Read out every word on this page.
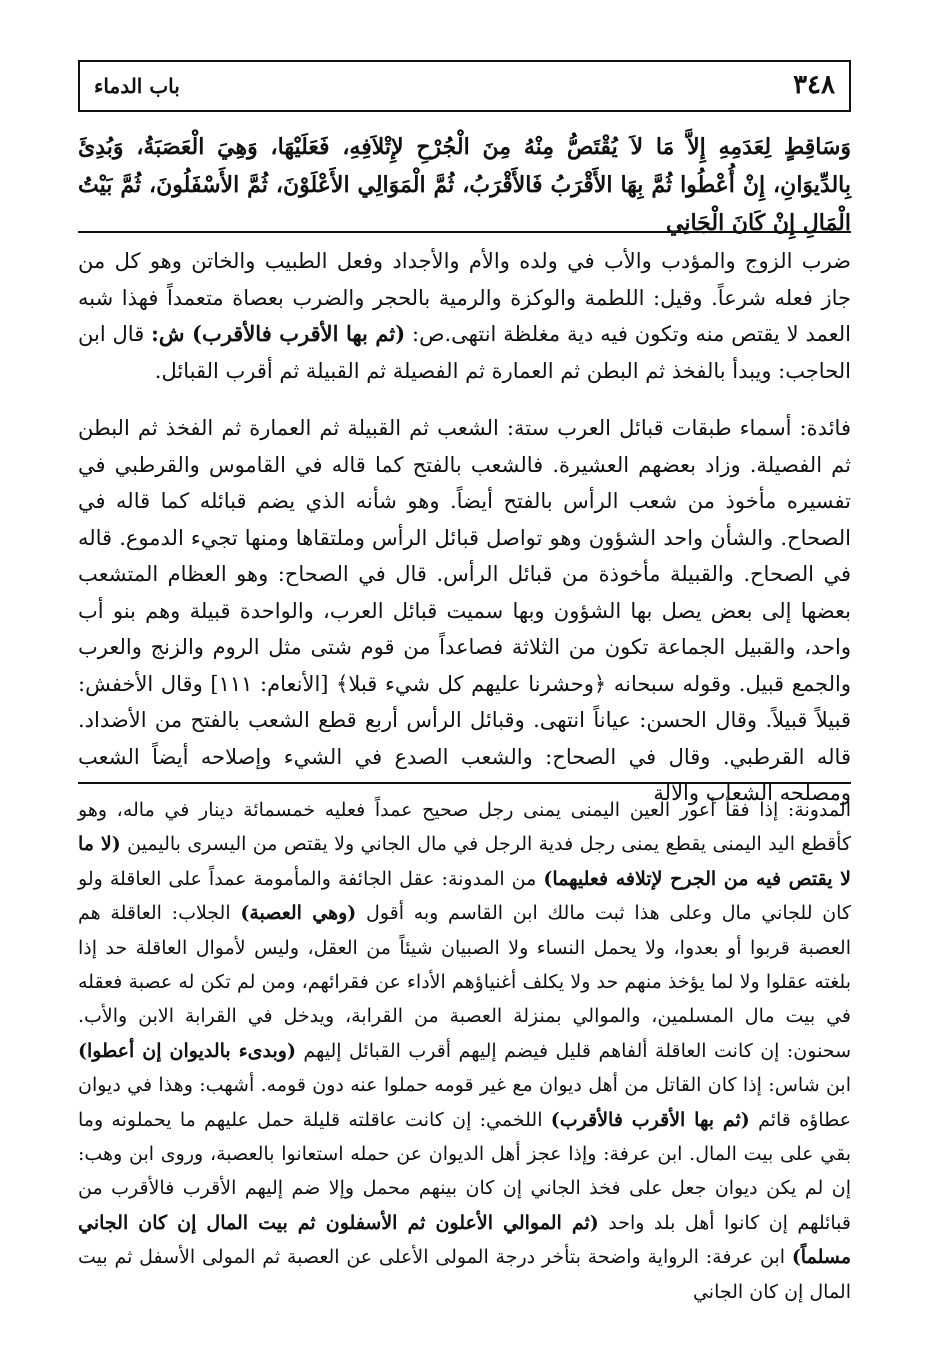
٣٤٨
باب الدماء

وَسَاقِطٍ لِعَدَمِهِ إِلاَّ مَا لاَ يُقْتَصُّ مِنْهُ مِنَ الْجُرْحِ لإِتْلاَفِهِ، فَعَلَيْهَا، وَهِيَ الْعَصَبَةُ، وَبُدِئَ بِالدِّيوَانِ، إِنْ أُعْطُوا ثُمَّ بِهَا الأَقْرَبُ فَالأَقْرَبُ، ثُمَّ الْمَوَالِي الأَعْلَوْنَ، ثُمَّ الأَسْفَلُونَ، ثُمَّ بَيْتُ الْمَالِ إِنْ كَانَ الْجَانِي

ضرب الزوج والمؤدب والأب في ولده والأم والأجداد وفعل الطبيب والخاتن وهو كل من جاز فعله شرعاً. وقيل: اللطمة والوكزة والرمية بالحجر والضرب بعصاة متعمداً فهذا شبه العمد لا يقتص منه وتكون فيه دية مغلظة انتهى.ص: (ثم بها الأقرب فالأقرب) ش: قال ابن الحاجب: ويبدأ بالفخذ ثم البطن ثم العمارة ثم الفصيلة ثم القبيلة ثم أقرب القبائل.

فائدة: أسماء طبقات قبائل العرب ستة: الشعب ثم القبيلة ثم العمارة ثم الفخذ ثم البطن ثم الفصيلة. وزاد بعضهم العشيرة. فالشعب بالفتح كما قاله في القاموس والقرطبي في تفسيره مأخوذ من شعب الرأس بالفتح أيضاً. وهو شأنه الذي يضم قبائله كما قاله في الصحاح. والشأن واحد الشؤون وهو تواصل قبائل الرأس وملتقاها ومنها تجيء الدموع. قاله في الصحاح. والقبيلة مأخوذة من قبائل الرأس. قال في الصحاح: وهو العظام المتشعب بعضها إلى بعض يصل بها الشؤون وبها سميت قبائل العرب، والواحدة قبيلة وهم بنو أب واحد، والقبيل الجماعة تكون من الثلاثة فصاعداً من قوم شتى مثل الروم والزنج والعرب والجمع قبيل. وقوله سبحانه ﴿وحشرنا عليهم كل شيء قبلا﴾ [الأنعام: ١١١] وقال الأخفش: قبيلاً قبيلاً. وقال الحسن: عياناً انتهى. وقبائل الرأس أربع قطع الشعب بالفتح من الأضداد. قاله القرطبي. وقال في الصحاح: والشعب الصدع في الشيء وإصلاحه أيضاً الشعب ومصلحه الشعاب والآلة

المدونة: إذا فقأ أعور العين اليمنى يمنى رجل صحيح عمداً فعليه خمسمائة دينار في ماله، وهو كأقطع اليد اليمنى يقطع يمنى رجل فدية الرجل في مال الجاني ولا يقتص من اليسرى باليمين (لا ما لا يقتص فيه من الجرح لإتلافه فعليهما) من المدونة: عقل الجائفة والمأمومة عمداً على العاقلة ولو كان للجاني مال وعلى هذا ثبت مالك ابن القاسم وبه أقول (وهي العصبة) الجلاب: العاقلة هم العصبة قربوا أو بعدوا، ولا يحمل النساء ولا الصبيان شيئاً من العقل، وليس لأموال العاقلة حد إذا بلغته عقلوا ولا لما يؤخذ منهم حد ولا يكلف أغنياؤهم الأداء عن فقرائهم، ومن لم تكن له عصبة فعقله في بيت مال المسلمين، والموالي بمنزلة العصبة من القرابة، ويدخل في القرابة الابن والأب. سحنون: إن كانت العاقلة ألفاهم قليل فيضم إليهم أقرب القبائل إليهم (وبدىء بالديوان إن أعطوا) ابن شاس: إذا كان القاتل من أهل ديوان مع غير قومه حملوا عنه دون قومه. أشهب: وهذا في ديوان عطاؤه قائم (ثم بها الأقرب فالأقرب) اللخمي: إن كانت عاقلته قليلة حمل عليهم ما يحملونه وما بقي على بيت المال. ابن عرفة: وإذا عجز أهل الديوان عن حمله استعانوا بالعصبة، وروى ابن وهب: إن لم يكن ديوان جعل على فخذ الجاني إن كان بينهم محمل وإلا ضم إليهم الأقرب فالأقرب من قبائلهم إن كانوا أهل بلد واحد (ثم الموالي الأعلون ثم الأسفلون ثم بيت المال إن كان الجاني مسلماً) ابن عرفة: الرواية واضحة بتأخر درجة المولى الأعلى عن العصبة ثم المولى الأسفل ثم بيت المال إن كان الجاني
